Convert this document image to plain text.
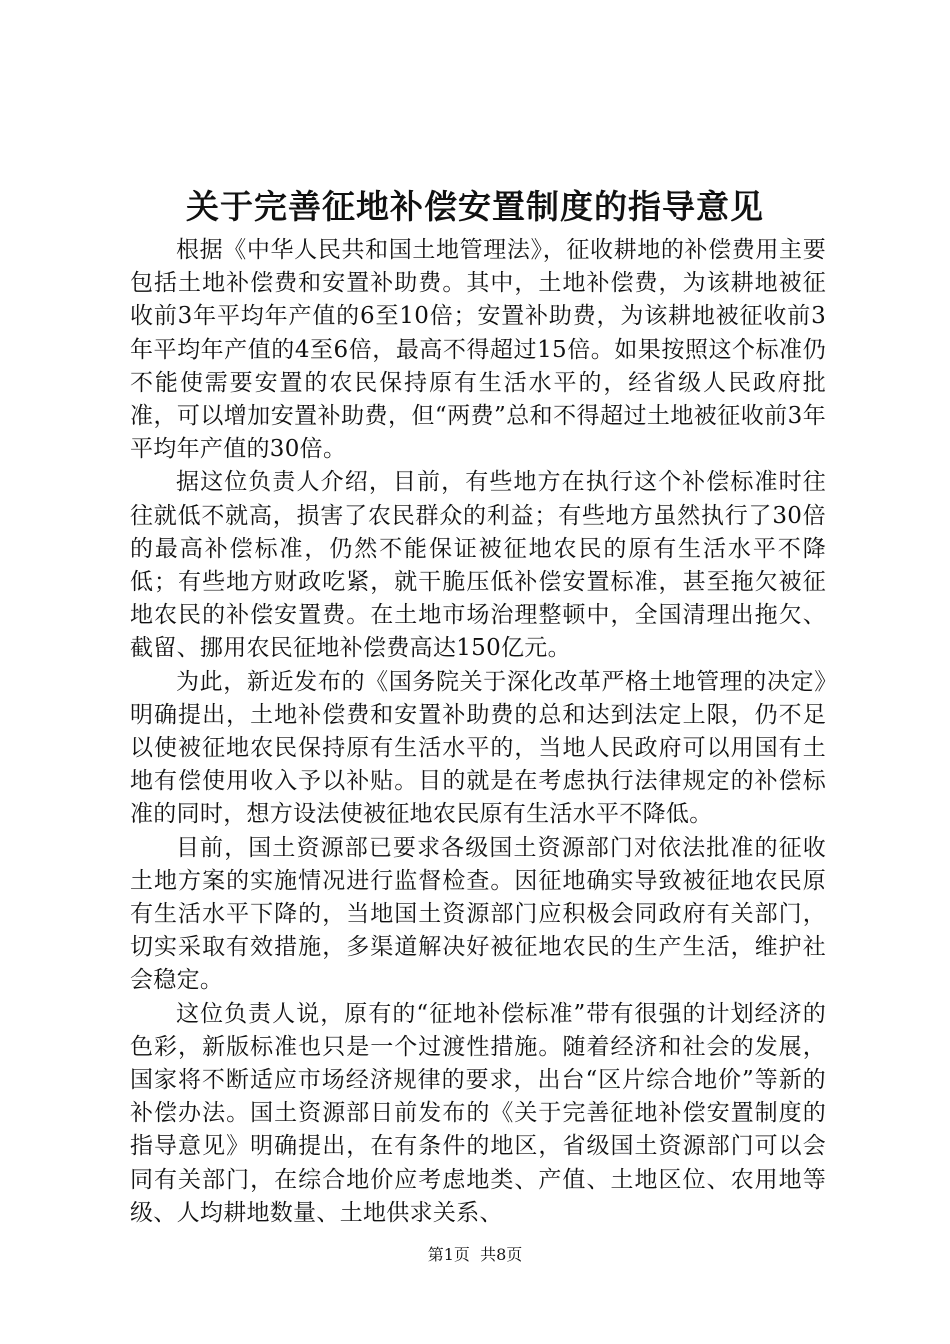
关于完善征地补偿安置制度的指导意见

根据《中华人民共和国土地管理法》，征收耕地的补偿费用主要包括土地补偿费和安置补助费。其中，土地补偿费，为该耕地被征收前3年平均年产值的6至10倍；安置补助费，为该耕地被征收前3年平均年产值的4至6倍，最高不得超过15倍。如果按照这个标准仍不能使需要安置的农民保持原有生活水平的，经省级人民政府批准，可以增加安置补助费，但“两费”总和不得超过土地被征收前3年平均年产值的30倍。

据这位负责人介绍，目前，有些地方在执行这个补偿标准时往往就低不就高，损害了农民群众的利益；有些地方虽然执行了30倍的最高补偿标准，仍然不能保证被征地农民的原有生活水平不降低；有些地方财政吃紧，就干脆压低补偿安置标准，甚至拖欠被征地农民的补偿安置费。在土地市场治理整顿中，全国清理出拖欠、截留、挪用农民征地补偿费高达150亿元。

为此，新近发布的《国务院关于深化改革严格土地管理的决定》明确提出，土地补偿费和安置补助费的总和达到法定上限，仍不足以使被征地农民保持原有生活水平的，当地人民政府可以用国有土地有偿使用收入予以补贴。目的就是在考虑执行法律规定的补偿标准的同时，想方设法使被征地农民原有生活水平不降低。

目前，国土资源部已要求各级国土资源部门对依法批准的征收土地方案的实施情况进行监督检查。因征地确实导致被征地农民原有生活水平下降的，当地国土资源部门应积极会同政府有关部门，切实采取有效措施，多渠道解决好被征地农民的生产生活，维护社会稳定。

这位负责人说，原有的“征地补偿标准”带有很强的计划经济的色彩，新版标准也只是一个过渡性措施。随着经济和社会的发展，国家将不断适应市场经济规律的要求，出台“区片综合地价”等新的补偿办法。国土资源部日前发布的《关于完善征地补偿安置制度的指导意见》明确提出，在有条件的地区，省级国土资源部门可以会同有关部门，在综合地价应考虑地类、产值、土地区位、农用地等级、人均耕地数量、土地供求关系、

第1页 共8页
